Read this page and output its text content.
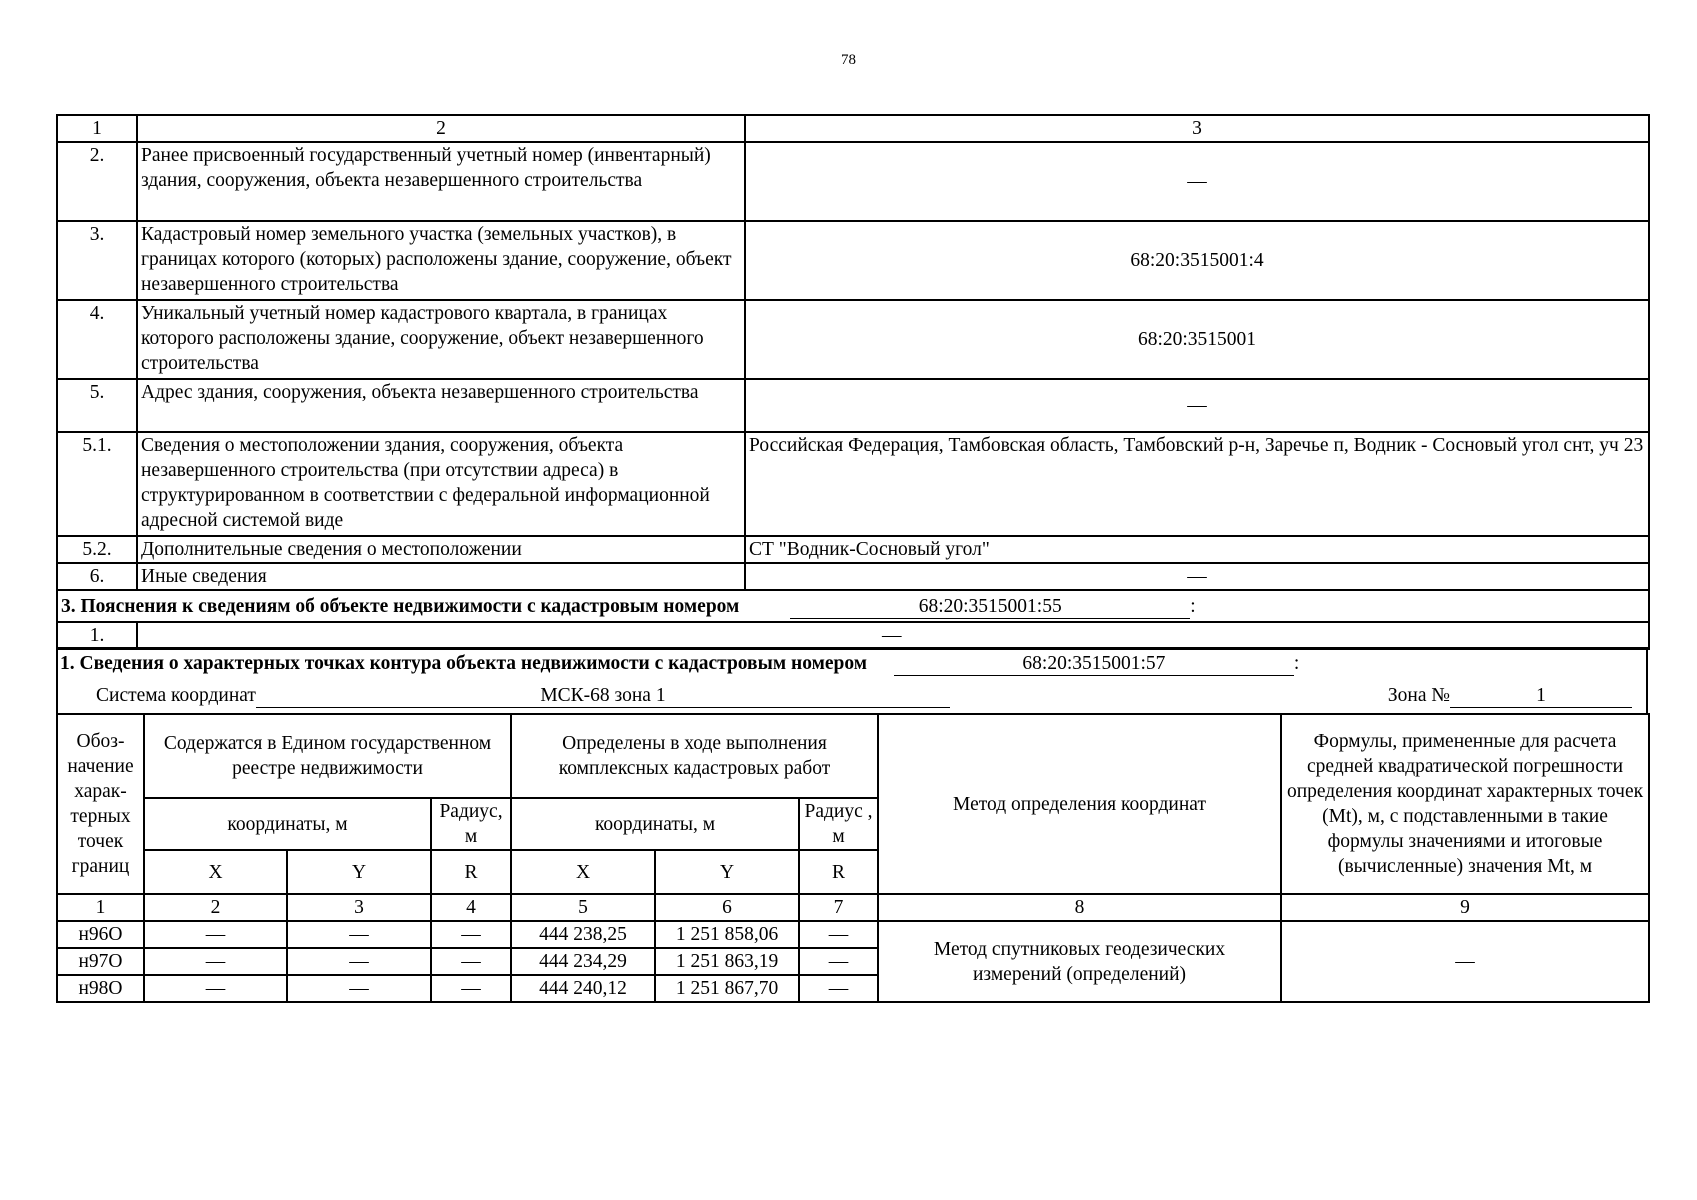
78
1	2	3
2.	Ранее присвоенный государственный учетный номер (инвентарный) здания, сооружения, объекта незавершенного строительства	—
3.	Кадастровый номер земельного участка (земельных участков), в границах которого (которых) расположены здание, сооружение, объект незавершенного строительства	68:20:3515001:4
4.	Уникальный учетный номер кадастрового квартала, в границах которого расположены здание, сооружение, объект незавершенного строительства	68:20:3515001
5.	Адрес здания, сооружения, объекта незавершенного строительства	—
5.1.	Сведения о местоположении здания, сооружения, объекта незавершенного строительства (при отсутствии адреса) в структурированном в соответствии с федеральной информационной адресной системой виде	Российская Федерация, Тамбовская область, Тамбовский р-н, Заречье п, Водник - Сосновый угол снт, уч 23
5.2.	Дополнительные сведения о местоположении	СТ "Водник-Сосновый угол"
6.	Иные сведения	—
3. Пояснения к сведениям об объекте недвижимости с кадастровым номером 68:20:3515001:55 :		
1.	—	
1. Сведения о характерных точках контура объекта недвижимости с кадастровым номером	68:20:3515001:57	:
Система координат	МСК-68 зона 1	Зона №	1
Обоз-начение харак-терных точек границ	Содержатся в Едином государственном реестре недвижимости			Определены в ходе выполнения комплексных кадастровых работ			Метод определения координат	Формулы, примененные для расчета средней квадратической погрешности определения координат характерных точек (Mt), м, с подставленными в такие формулы значениями и итоговые (вычисленные) значения Mt, м
	координаты, м		Радиус, м	координаты, м		Радиус , м		
	X	Y	R	X	Y	R		
1	2	3	4	5	6	7	8	9
н96О	—	—	—	444 238,25	1 251 858,06	—	Метод спутниковых геодезических измерений (определений)	—
н97О	—	—	—	444 234,29	1 251 863,19	—		
н98О	—	—	—	444 240,12	1 251 867,70	—		
